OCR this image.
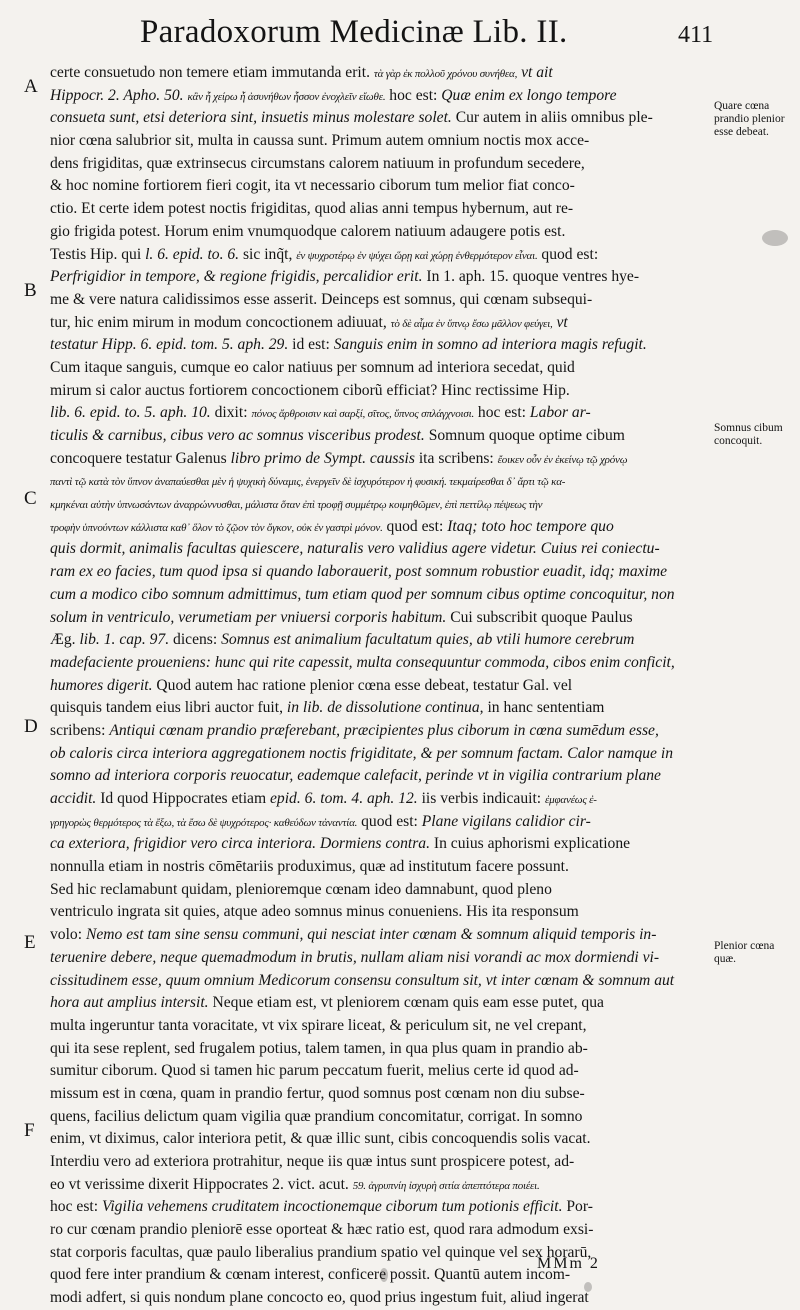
Paradoxorum Medicinæ Lib. II.	411
A
B
C
D
E
F
Quare cœna prandio plenior esse debeat.
Somnus cibum concoquit.
Plenior cœna quæ.
certe consuetudo non temere etiam immutanda erit. τὰ γὰρ ἐκ πολλοῦ χρόνου συνήθεα, vt ait
Hippocr. 2. Apho. 50. κἂν ἦ χείρω ἦ ἀσυνήθων ἧσσον ἐνοχλεῖν εἴωθε. hoc est: Quæ enim ex longo tempore
consueta sunt, etsi deteriora sint, insuetis minus molestare solet. Cur autem in aliis omnibus ple-
nior cœna salubrior sit, multa in caussa sunt. Primum autem omnium noctis mox acce-
dens frigiditas, quæ extrinsecus circumstans calorem natiuum in profundum secedere,
& hoc nomine fortiorem fieri cogit, ita vt necessario ciborum tum melior fiat conco-
ctio. Et certe idem potest noctis frigiditas, quod alias anni tempus hybernum, aut re-
gio frigida potest. Horum enim vnumquodque calorem natiuum adaugere potis est.
Testis Hip. qui l. 6. epid. to. 6. sic inq̃t, ἐν ψυχροτέρῳ ἐν ψύχει ὥρῃ καὶ χώρῃ ἐνθερμότερον εἶναι. quod est:
Perfrigidior in tempore, & regione frigidis, percalidior erit. In 1. aph. 15. quoque ventres hye-
me & vere natura calidissimos esse asserit. Deinceps est somnus, qui cœnam subsequi-
tur, hic enim mirum in modum concoctionem adiuuat, τὸ δὲ αἷμα ἐν ὕπνῳ ἔσω μᾶλλον φεύγει, vt
testatur Hipp. 6. epid. tom. 5. aph. 29. id est: Sanguis enim in somno ad interiora magis refugit.
Cum itaque sanguis, cumque eo calor natiuus per somnum ad interiora secedat, quid
mirum si calor auctus fortiorem concoctionem ciborũ efficiat? Hinc rectissime Hip.
lib. 6. epid. to. 5. aph. 10. dixit: πόνος ἄρθροισιν καὶ σαρξί, σῖτος, ὕπνος σπλάγχνοισι. hoc est: Labor ar-
ticulis & carnibus, cibus vero ac somnus visceribus prodest. Somnum quoque optime cibum
concoquere testatur Galenus libro primo de Sympt. caussis ita scribens: ἔοικεν οὖν ἐν ἐκείνῳ τῷ χρόνῳ
παντὶ τῷ κατὰ τὸν ὕπνον ἀναπαύεσθαι μὲν ἡ ψυχικὴ δύναμις, ἐνεργεῖν δὲ ἰσχυρότερον ἡ φυσική. τεκμαίρεσθαι δ᾽ ἄρτι τῷ κα-
κμηκέναι αὐτὴν ὑπνωσάντων ἀναρρώννυσθαι, μάλιστα ὅταν ἐπὶ τροφῇ συμμέτρῳ κοιμηθῶμεν, ἐπὶ πεττίλῳ πέψεως τὴν
τροφὴν ὑπνούντων κάλλιστα καθ᾽ ὅλον τὸ ζῷον τὸν ὄγκον, οὐκ ἐν γαστρὶ μόνον. quod est: Itaq; toto hoc tempore quo
quis dormit, animalis facultas quiescere, naturalis vero validius agere videtur. Cuius rei coniectu-
ram ex eo facies, tum quod ipsa si quando laborauerit, post somnum robustior euadit, idq; maxime
cum a modico cibo somnum admittimus, tum etiam quod per somnum cibus optime concoquitur, non
solum in ventriculo, verumetiam per vniuersi corporis habitum. Cui subscribit quoque Paulus
Æg. lib. 1. cap. 97. dicens: Somnus est animalium facultatum quies, ab vtili humore cerebrum
madefaciente proueniens: hunc qui rite capessit, multa consequuntur commoda, cibos enim conficit,
humores digerit. Quod autem hac ratione plenior cœna esse debeat, testatur Gal. vel
quisquis tandem eius libri auctor fuit, in lib. de dissolutione continua, in hanc sententiam
scribens: Antiqui cœnam prandio præferebant, præcipientes plus ciborum in cœna sumēdum esse,
ob caloris circa interiora aggregationem noctis frigiditate, & per somnum factam. Calor namque in
somno ad interiora corporis reuocatur, eademque calefacit, perinde vt in vigilia contrarium plane
accidit. Id quod Hippocrates etiam epid. 6. tom. 4. aph. 12. iis verbis indicauit: ἐμφανέως ἐ-
γρηγορὼς θερμότερος τὰ ἔξω, τὰ ἔσω δὲ ψυχρότερος· καθεύδων τἀναντία. quod est: Plane vigilans calidior cir-
ca exteriora, frigidior vero circa interiora. Dormiens contra. In cuius aphorismi explicatione
nonnulla etiam in nostris cōmētariis produximus, quæ ad institutum facere possunt.
Sed hic reclamabunt quidam, plenioremque cœnam ideo damnabunt, quod pleno
ventriculo ingrata sit quies, atque adeo somnus minus conueniens. His ita responsum
volo: Nemo est tam sine sensu communi, qui nesciat inter cœnam & somnum aliquid temporis in-
teruenire debere, neque quemadmodum in brutis, nullam aliam nisi vorandi ac mox dormiendi vi-
cissitudinem esse, quum omnium Medicorum consensu consultum sit, vt inter cœnam & somnum aut
hora aut amplius intersit. Neque etiam est, vt pleniorem cœnam quis eam esse putet, qua
multa ingeruntur tanta voracitate, vt vix spirare liceat, & periculum sit, ne vel crepant,
qui ita sese replent, sed frugalem potius, talem tamen, in qua plus quam in prandio ab-
sumitur ciborum. Quod si tamen hic parum peccatum fuerit, melius certe id quod ad-
missum est in cœna, quam in prandio fertur, quod somnus post cœnam non diu subse-
quens, facilius delictum quam vigilia quæ prandium concomitatur, corrigat. In somno
enim, vt diximus, calor interiora petit, & quæ illic sunt, cibis concoquendis solis vacat.
Interdiu vero ad exteriora protrahitur, neque iis quæ intus sunt prospicere potest, ad-
eo vt verissime dixerit Hippocrates 2. vict. acut. 59. ἀγρυπνίη ἰσχυρὴ σιτία ἀπεπτότερα ποιέει.
hoc est: Vigilia vehemens cruditatem incoctionemque ciborum tum potionis efficit. Por-
ro cur cœnam prandio pleniorē esse oporteat & hæc ratio est, quod rara admodum exsi-
stat corporis facultas, quæ paulo liberalius prandium spatio vel quinque vel sex horarū,
quod fere inter prandium & cœnam interest, conficere possit. Quantū autem incom-
modi adfert, si quis nondum plane concocto eo, quod prius ingestum fuit, aliud ingerat
MMm 2
